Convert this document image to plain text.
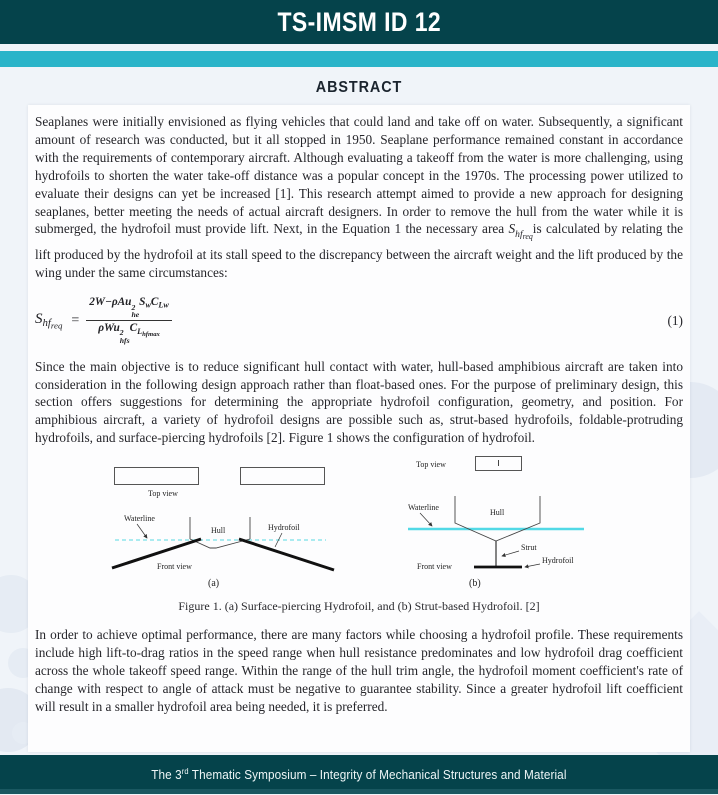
TS-IMSM ID 12
ABSTRACT

Seaplanes were initially envisioned as flying vehicles that could land and take off on water. Subsequently, a significant amount of research was conducted, but it all stopped in 1950. Seaplane performance remained constant in accordance with the requirements of contemporary aircraft. Although evaluating a takeoff from the water is more challenging, using hydrofoils to shorten the water take-off distance was a popular concept in the 1970s. The processing power utilized to evaluate their designs can yet be increased [1]. This research attempt aimed to provide a new approach for designing seaplanes, better meeting the needs of actual aircraft designers. In order to remove the hull from the water while it is submerged, the hydrofoil must provide lift. Next, in the Equation 1 the necessary area $S_{hf_{req}}is$ calculated by relating the lift produced by the hydrofoil at its stall speed to the discrepancy between the aircraft weight and the lift produced by the wing under the same circumstances:

$S_{hf_{req}} = 2W-\rho Au$ 2
he
$S_wC_{Lw}$
ρWu 2
hfs
$C_{L_{hfmax}}$	(1)

Since the main objective is to reduce significant hull contact with water, hull-based amphibious aircraft are taken into consideration in the following design approach rather than float-based ones. For the purpose of preliminary design, this section offers suggestions for determining the appropriate hydrofoil configuration, geometry, and position. For amphibious aircraft, a variety of hydrofoil designs are possible such as, strut-based hydrofoils, foldable-protruding hydrofoils, and surface-piercing hydrofoils [2]. Figure 1 shows the configuration of hydrofoil.

Top view
Waterline
Hull	Hydrofoil
Front view
(a)
Top view
Waterline
Hull
Strut
Hydrofoil
Front view
(b)
Figure 1. (a) Surface-piercing Hydrofoil, and (b) Strut-based Hydrofoil. [2]

In order to achieve optimal performance, there are many factors while choosing a hydrofoil profile. These requirements include high lift-to-drag ratios in the speed range when hull resistance predominates and low hydrofoil drag coefficient across the whole takeoff speed range. Within the range of the hull trim angle, the hydrofoil moment coefficient's rate of change with respect to angle of attack must be negative to guarantee stability. Since a greater hydrofoil lift coefficient will result in a smaller hydrofoil area being needed, it is preferred.

The 3rd Thematic Symposium – Integrity of Mechanical Structures and Material
